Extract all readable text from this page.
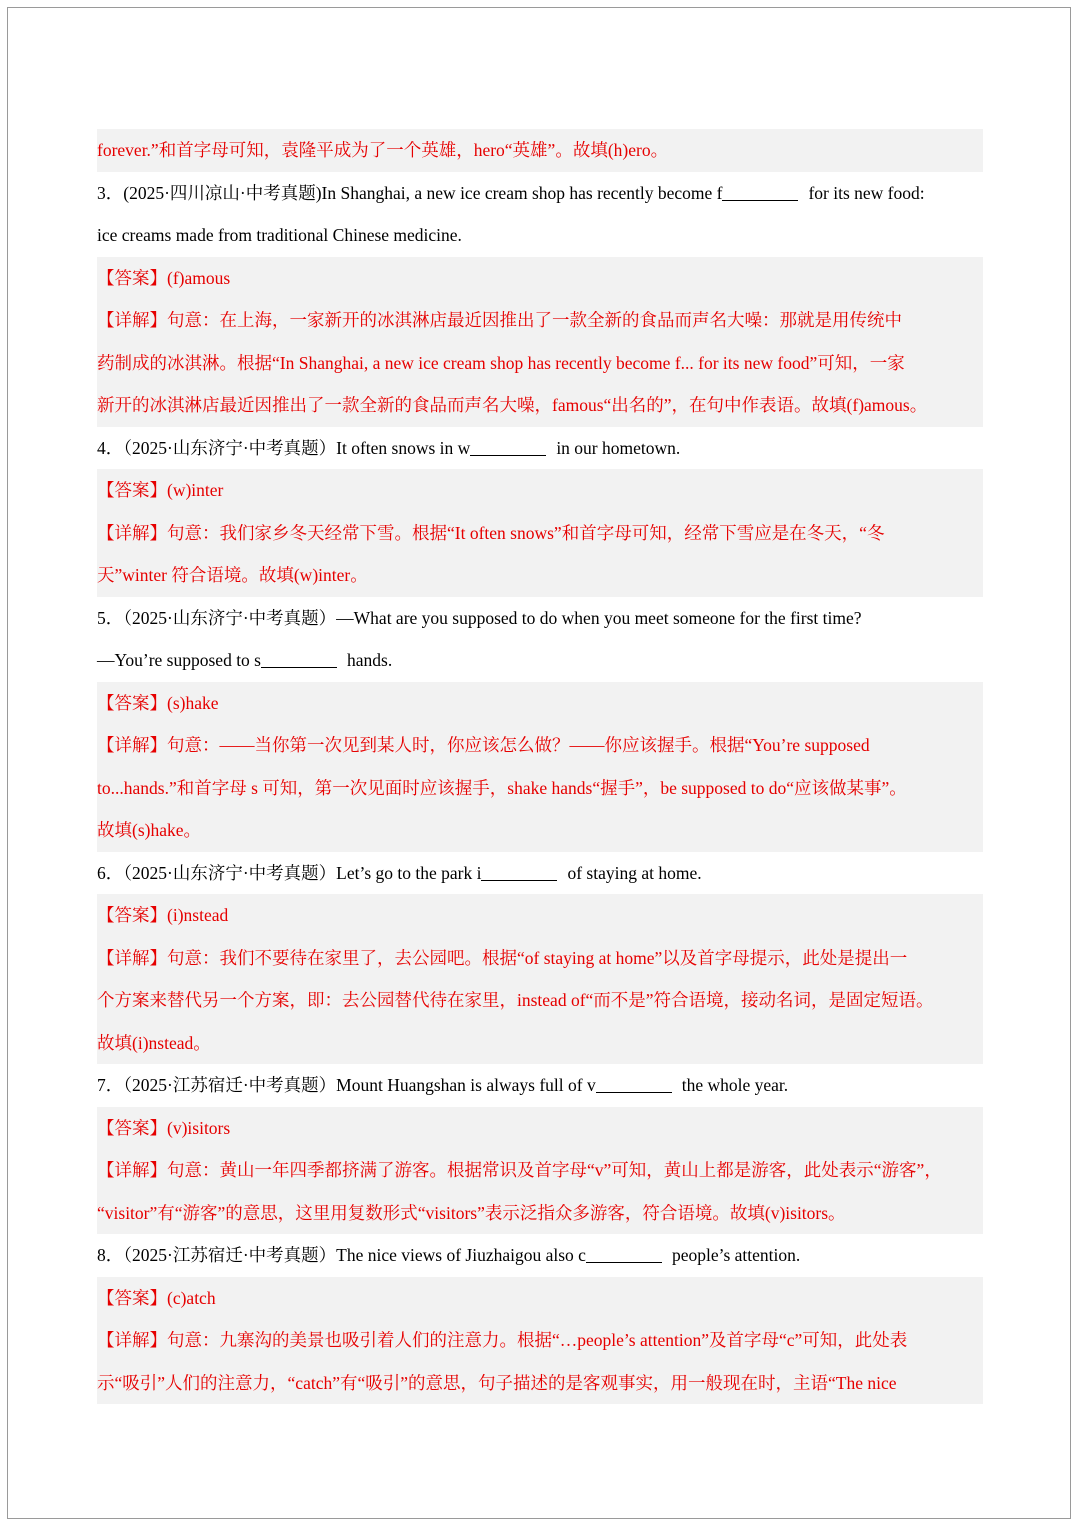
forever.”和首字母可知，袁隆平成为了一个英雄，hero“英雄”。故填(h)ero。
3．(2025·四川凉山·中考真题)In Shanghai, a new ice cream shop has recently become f	for its new food:
ice creams made from traditional Chinese medicine.
【答案】(f)amous
【详解】句意：在上海，一家新开的冰淇淋店最近因推出了一款全新的食品而声名大噪：那就是用传统中
药制成的冰淇淋。根据“In Shanghai, a new ice cream shop has recently become f... for its new food”可知，一家
新开的冰淇淋店最近因推出了一款全新的食品而声名大噪，famous“出名的”，在句中作表语。故填(f)amous。
4．（2025·山东济宁·中考真题）It often snows in w	in our hometown.
【答案】(w)inter
【详解】句意：我们家乡冬天经常下雪。根据“It often snows”和首字母可知，经常下雪应是在冬天，“冬
天”winter 符合语境。故填(w)inter。
5．（2025·山东济宁·中考真题）—What are you supposed to do when you meet someone for the first time?
—You’re supposed to s	hands.
【答案】(s)hake
【详解】句意：——当你第一次见到某人时，你应该怎么做？——你应该握手。根据“You’re supposed
to...hands.”和首字母 s 可知，第一次见面时应该握手，shake hands“握手”，be supposed to do“应该做某事”。
故填(s)hake。
6．（2025·山东济宁·中考真题）Let’s go to the park i	of staying at home.
【答案】(i)nstead
【详解】句意：我们不要待在家里了，去公园吧。根据“of staying at home”以及首字母提示，此处是提出一
个方案来替代另一个方案，即：去公园替代待在家里，instead of“而不是”符合语境，接动名词，是固定短语。
故填(i)nstead。
7．（2025·江苏宿迁·中考真题）Mount Huangshan is always full of v	the whole year.
【答案】(v)isitors
【详解】句意：黄山一年四季都挤满了游客。根据常识及首字母“v”可知，黄山上都是游客，此处表示“游客”，
“visitor”有“游客”的意思，这里用复数形式“visitors”表示泛指众多游客，符合语境。故填(v)isitors。
8．（2025·江苏宿迁·中考真题）The nice views of Jiuzhaigou also c	people’s attention.
【答案】(c)atch
【详解】句意：九寨沟的美景也吸引着人们的注意力。根据“…people’s attention”及首字母“c”可知，此处表
示“吸引”人们的注意力，“catch”有“吸引”的意思，句子描述的是客观事实，用一般现在时，主语“The nice
